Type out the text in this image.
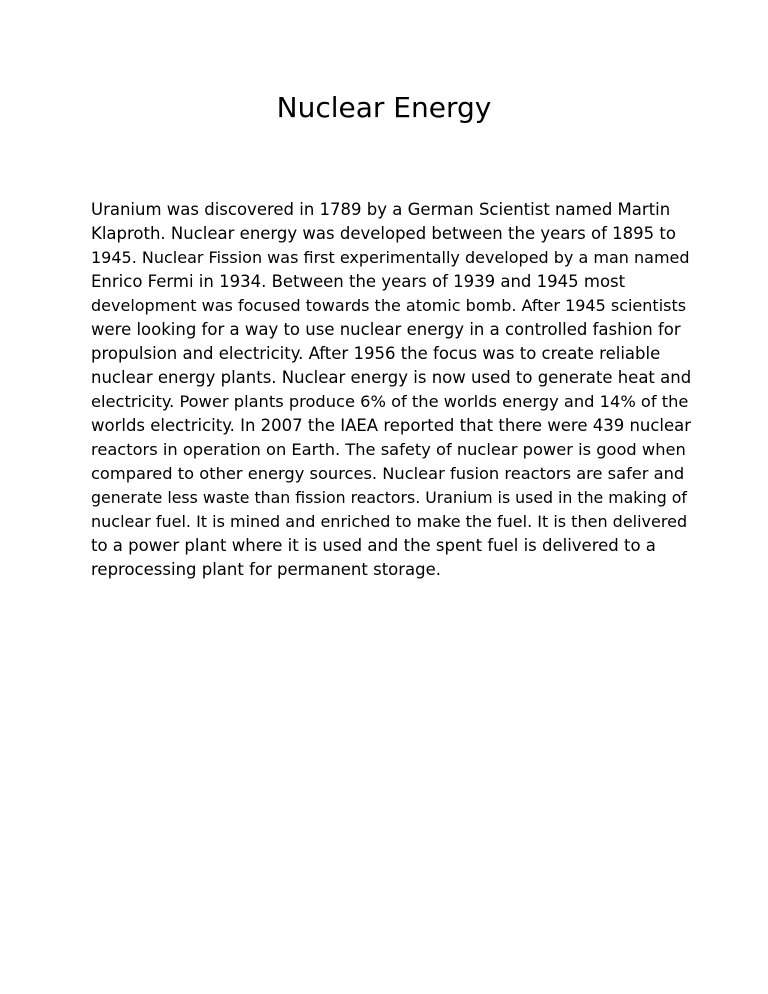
Nuclear Energy
Uranium was discovered in 1789 by a German Scientist named Martin
Klaproth. Nuclear energy was developed between the years of 1895 to
1945. Nuclear Fission was first experimentally developed by a man named
Enrico Fermi in 1934. Between the years of 1939 and 1945 most
development was focused towards the atomic bomb. After 1945 scientists
were looking for a way to use nuclear energy in a controlled fashion for
propulsion and electricity. After 1956 the focus was to create reliable
nuclear energy plants. Nuclear energy is now used to generate heat and
electricity. Power plants produce 6% of the worlds energy and 14% of the
worlds electricity. In 2007 the IAEA reported that there were 439 nuclear
reactors in operation on Earth. The safety of nuclear power is good when
compared to other energy sources. Nuclear fusion reactors are safer and
generate less waste than fission reactors. Uranium is used in the making of
nuclear fuel. It is mined and enriched to make the fuel. It is then delivered
to a power plant where it is used and the spent fuel is delivered to a
reprocessing plant for permanent storage.
